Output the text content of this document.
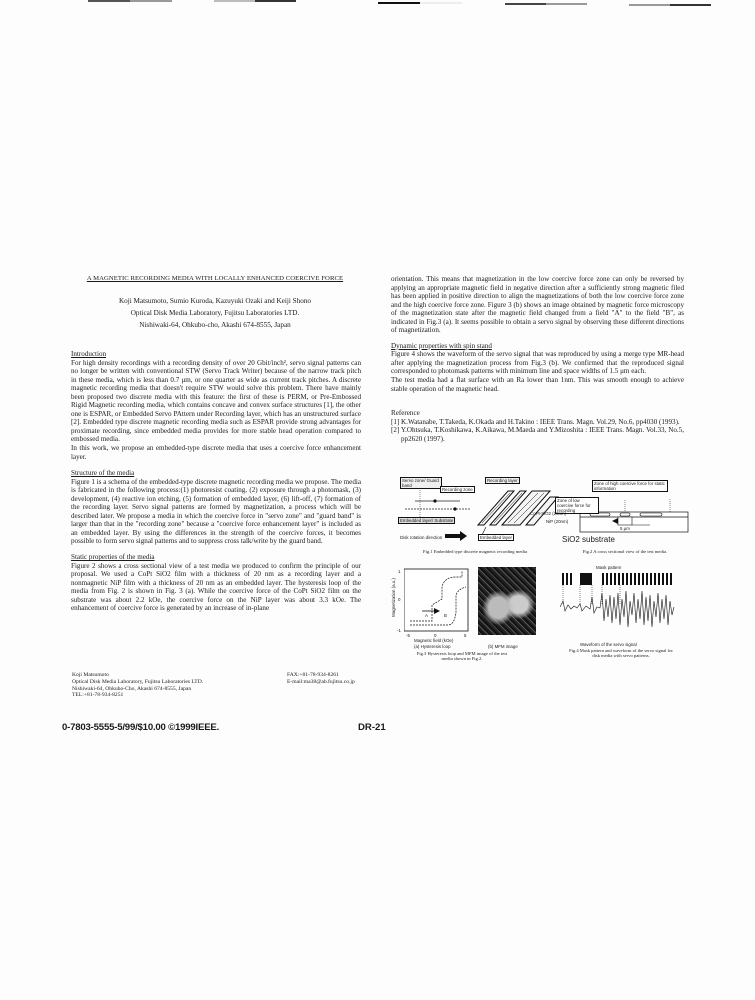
A MAGNETIC RECORDING MEDIA WITH LOCALLY ENHANCED COERCIVE FORCE
Koji Matsumoto, Sumio Kuroda, Kazuyuki Ozaki and Keiji Shono
Optical Disk Media Laboratory, Fujitsu Laboratories LTD.
Nishiwaki-64, Ohkubo-cho, Akashi 674-8555, Japan

Introduction

For high density recordings with a recording density of over 20 Gbit/inch², servo signal patterns can no longer be written with conventional STW (Servo Track Writer) because of the narrow track pitch in these media, which is less than 0.7 μm, or one quarter as wide as current track pitches. A discrete magnetic recording media that doesn't require STW would solve this problem. There have mainly been proposed two discrete media with this feature: the first of these is PERM, or Pre-Embossed Rigid Magnetic recording media, which contains concave and convex surface structures [1], the other one is ESPAR, or Embedded Servo PAttern under Recording layer, which has an unstructured surface [2]. Embedded type discrete magnetic recording media such as ESPAR provide strong advantages for proximate recording, since embedded media provides for more stable head operation compared to embossed media.

In this work, we propose an embedded-type discrete media that uses a coercive force enhancement layer.

Structure of the media

Figure 1 is a schema of the embedded-type discrete magnetic recording media we propose. The media is fabricated in the following process:(1) photoresist coating, (2) exposure through a photomask, (3) development, (4) reactive ion etching, (5) formation of embedded layer, (6) lift-off, (7) formation of the recording layer. Servo signal patterns are formed by magnetization, a process which will be described later. We propose a media in which the coercive force in "servo zone" and "guard band" is larger than that in the "recording zone" because a "coercive force enhancement layer" is included as an embedded layer. By using the differences in the strength of the coercive forces, it becomes possible to form servo signal patterns and to suppress cross talk/write by the guard band.

Static properties of the media

Figure 2 shows a cross sectional view of a test media we produced to confirm the principle of our proposal. We used a CoPt SiO2 film with a thickness of 20 nm as a recording layer and a nonmagnetic NiP film with a thickness of 20 nm as an embedded layer. The hysteresis loop of the media from Fig. 2 is shown in Fig. 3 (a). While the coercive force of the CoPt SiO2 film on the substrate was about 2.2 kOe, the coercive force on the NiP layer was about 3.3 kOe. The enhancement of coercive force is generated by an increase of in-plane

orientation. This means that magnetization in the low coercive force zone can only be reversed by applying an appropriate magnetic field in negative direction after a sufficiently strong magnetic filed has been applied in positive direction to align the magnetizations of both the low coercive force zone and the high coercive force zone. Figure 3 (b) shows an image obtained by magnetic force microscopy of the magnetization state after the magnetic field changed from a field "A" to the field "B", as indicated in Fig.3 (a). It seems possible to obtain a servo signal by observing these different directions of magnetization.

Dynamic properties with spin stand

Figure 4 shows the waveform of the servo signal that was reproduced by using a merge type MR-head after applying the magnetization process from Fig.3 (b). We confirmed that the reproduced signal corresponded to photomask patterns with minimum line and space widths of 1.5 μm each.

The test media had a flat surface with an Ra lower than 1nm. This was smooth enough to achieve stable operation of the magnetic head.

Reference

[1] K.Watanabe, T.Takeda, K.Okada and H.Takino : IEEE Trans. Magn. Vol.29, No.6, pp4030 (1993).

[2] Y.Ohtsuka, T.Koshikawa, K.Aikawa, M.Maeda and Y.Mizoshita : IEEE Trans. Magn. Vol.33, No.5, pp2620 (1997).

Servo zone/ Guard band
Recording zone
Recording layer
Embedded layer/ Substrate
Disk rotation direction	Embedded layer
Fig.1 Embedded type discrete magnetic recording media
Zone of high coercive force for static information
Zone of low coercive force for recording
CoPt-SiO2 (20nm)
NiP (20nm)
5 μm
SiO2 substrate
Fig.2 A cross sectional view of the test media.
Magnetization (a.u.)
1
0
-1
A	B
-5	0	5
Magnetic field (kOe)
(a) Hysteresis loop	(b) MFM image
Fig.3 Hysteresis loop and MFM image of the test media shown in Fig.2.
Mask pattern
Waveform of the servo signal
Fig.4 Mask pattern and waveform of the servo signal for disk media with servo patterns.
Koji Matsumoto
Optical Disk Media Laboratory, Fujitsu Laboratories LTD.
Nishiwaki-64, Ohkubo-Cho, Akashi 674-8555, Japan
TEL:+81-78-934-8251
FAX:+81-78-934-8261
E-mail:ma38@ab.fujitsu.co.jp
0-7803-5555-5/99/$10.00 ©1999IEEE.	DR-21
